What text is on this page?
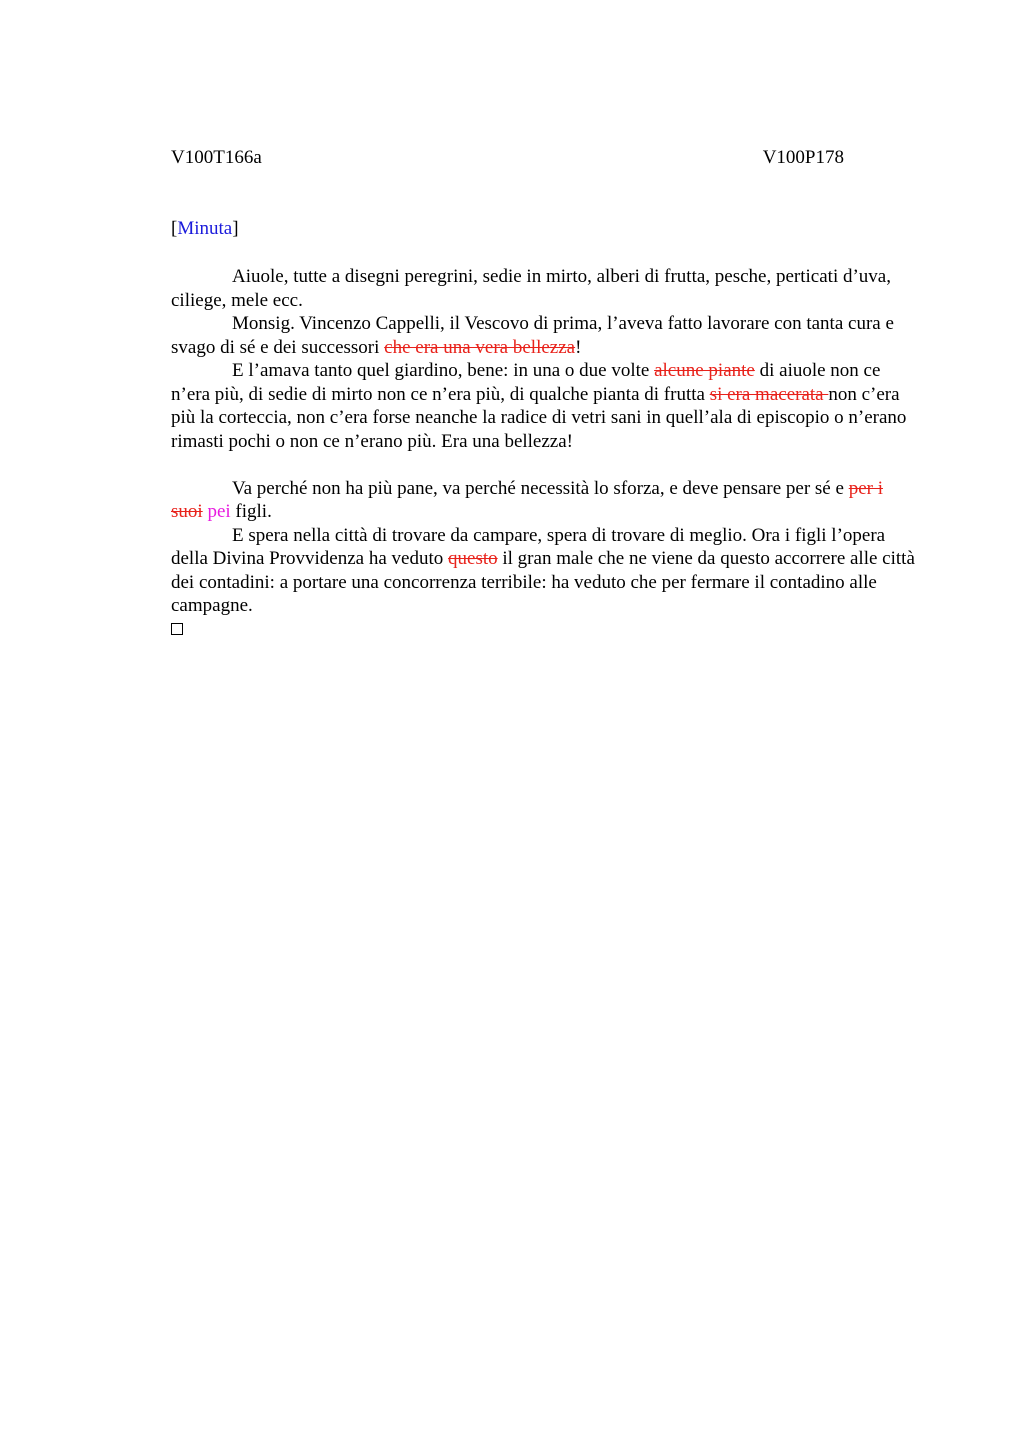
V100T166a	V100P178
[Minuta]

Aiuole, tutte a disegni peregrini, sedie in mirto, alberi di frutta, pesche, perticati d’uva, ciliege, mele ecc.

Monsig. Vincenzo Cappelli, il Vescovo di prima, l’aveva fatto lavorare con tanta cura e svago di sé e dei successori che era una vera bellezza!

E l’amava tanto quel giardino, bene: in una o due volte alcune piante di aiuole non ce n’era più, di sedie di mirto non ce n’era più, di qualche pianta di frutta si era macerata non c’era più la corteccia, non c’era forse neanche la radice di vetri sani in quell’ala di episcopio o n’erano rimasti pochi o non ce n’erano più. Era una bellezza!

Va perché non ha più pane, va perché necessità lo sforza, e deve pensare per sé e per i suoi pei figli.

E spera nella città di trovare da campare, spera di trovare di meglio. Ora i figli l’opera della Divina Provvidenza ha veduto questo il gran male che ne viene da questo accorrere alle città dei contadini: a portare una concorrenza terribile: ha veduto che per fermare il contadino alle campagne.
